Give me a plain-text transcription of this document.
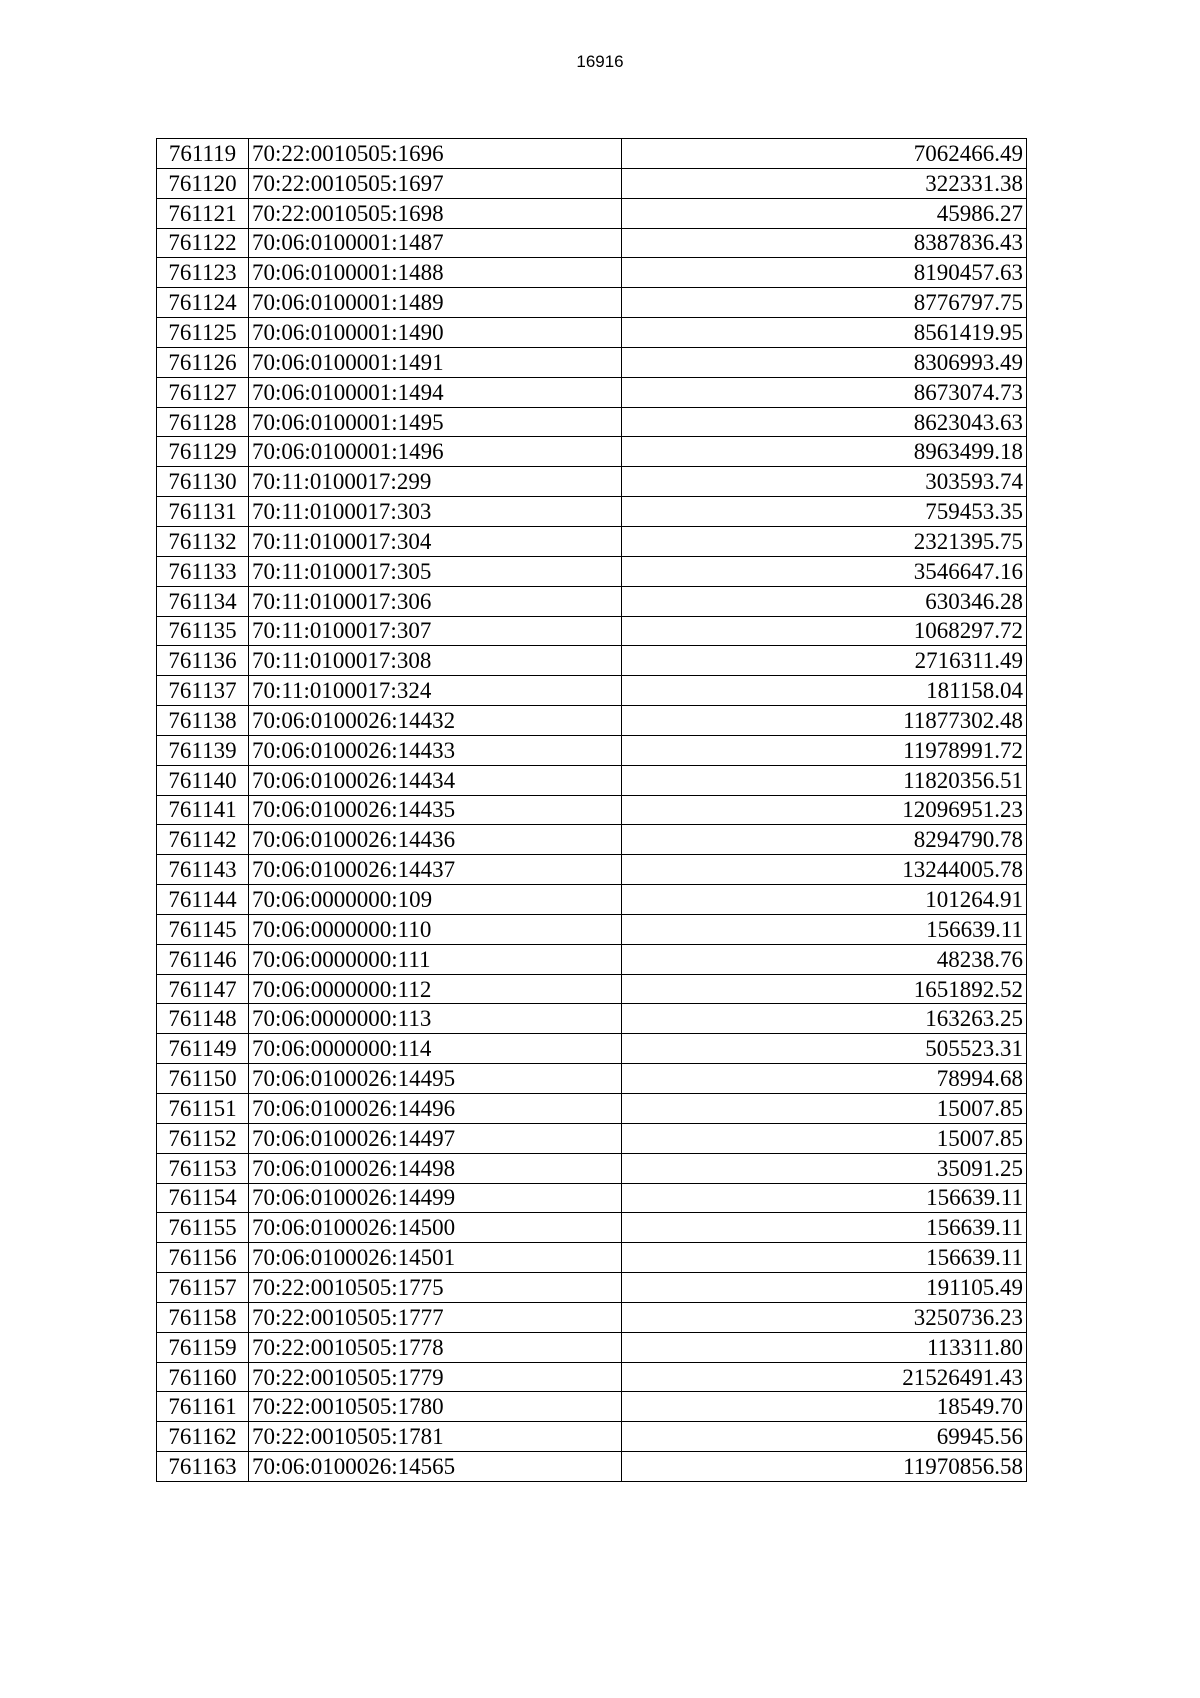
16916
761119	70:22:0010505:1696	7062466.49
761120	70:22:0010505:1697	322331.38
761121	70:22:0010505:1698	45986.27
761122	70:06:0100001:1487	8387836.43
761123	70:06:0100001:1488	8190457.63
761124	70:06:0100001:1489	8776797.75
761125	70:06:0100001:1490	8561419.95
761126	70:06:0100001:1491	8306993.49
761127	70:06:0100001:1494	8673074.73
761128	70:06:0100001:1495	8623043.63
761129	70:06:0100001:1496	8963499.18
761130	70:11:0100017:299	303593.74
761131	70:11:0100017:303	759453.35
761132	70:11:0100017:304	2321395.75
761133	70:11:0100017:305	3546647.16
761134	70:11:0100017:306	630346.28
761135	70:11:0100017:307	1068297.72
761136	70:11:0100017:308	2716311.49
761137	70:11:0100017:324	181158.04
761138	70:06:0100026:14432	11877302.48
761139	70:06:0100026:14433	11978991.72
761140	70:06:0100026:14434	11820356.51
761141	70:06:0100026:14435	12096951.23
761142	70:06:0100026:14436	8294790.78
761143	70:06:0100026:14437	13244005.78
761144	70:06:0000000:109	101264.91
761145	70:06:0000000:110	156639.11
761146	70:06:0000000:111	48238.76
761147	70:06:0000000:112	1651892.52
761148	70:06:0000000:113	163263.25
761149	70:06:0000000:114	505523.31
761150	70:06:0100026:14495	78994.68
761151	70:06:0100026:14496	15007.85
761152	70:06:0100026:14497	15007.85
761153	70:06:0100026:14498	35091.25
761154	70:06:0100026:14499	156639.11
761155	70:06:0100026:14500	156639.11
761156	70:06:0100026:14501	156639.11
761157	70:22:0010505:1775	191105.49
761158	70:22:0010505:1777	3250736.23
761159	70:22:0010505:1778	113311.80
761160	70:22:0010505:1779	21526491.43
761161	70:22:0010505:1780	18549.70
761162	70:22:0010505:1781	69945.56
761163	70:06:0100026:14565	11970856.58
